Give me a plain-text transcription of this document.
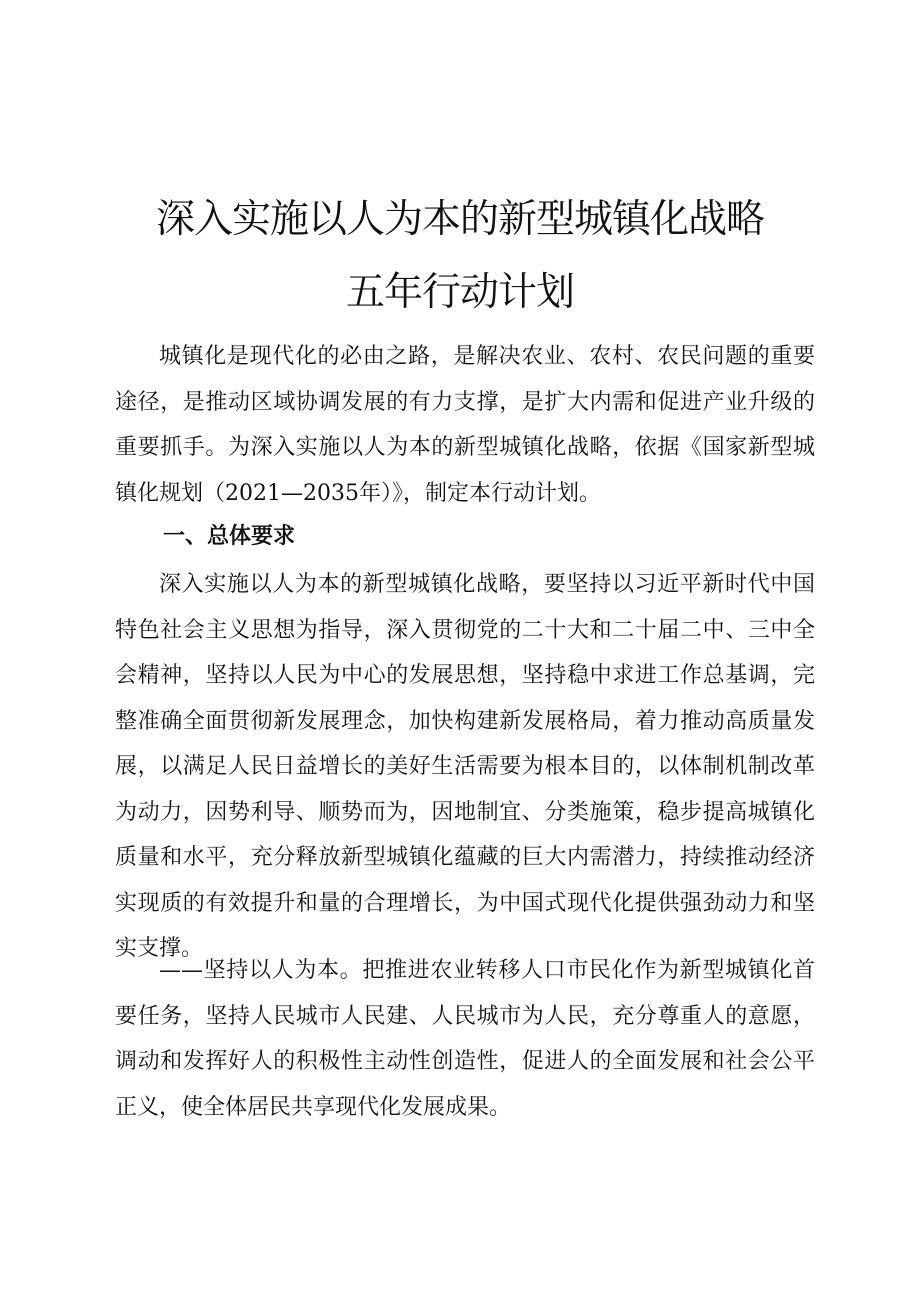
深入实施以人为本的新型城镇化战略
五年行动计划

城镇化是现代化的必由之路，是解决农业、农村、农民问题的重要途径，是推动区域协调发展的有力支撑，是扩大内需和促进产业升级的重要抓手。为深入实施以人为本的新型城镇化战略，依据《国家新型城镇化规划（2021—2035年）》，制定本行动计划。

一、总体要求

深入实施以人为本的新型城镇化战略，要坚持以习近平新时代中国特色社会主义思想为指导，深入贯彻党的二十大和二十届二中、三中全会精神，坚持以人民为中心的发展思想，坚持稳中求进工作总基调，完整准确全面贯彻新发展理念，加快构建新发展格局，着力推动高质量发展，以满足人民日益增长的美好生活需要为根本目的，以体制机制改革为动力，因势利导、顺势而为，因地制宜、分类施策，稳步提高城镇化质量和水平，充分释放新型城镇化蕴藏的巨大内需潜力，持续推动经济实现质的有效提升和量的合理增长，为中国式现代化提供强劲动力和坚实支撑。

——坚持以人为本。把推进农业转移人口市民化作为新型城镇化首要任务，坚持人民城市人民建、人民城市为人民，充分尊重人的意愿，调动和发挥好人的积极性主动性创造性，促进人的全面发展和社会公平正义，使全体居民共享现代化发展成果。
